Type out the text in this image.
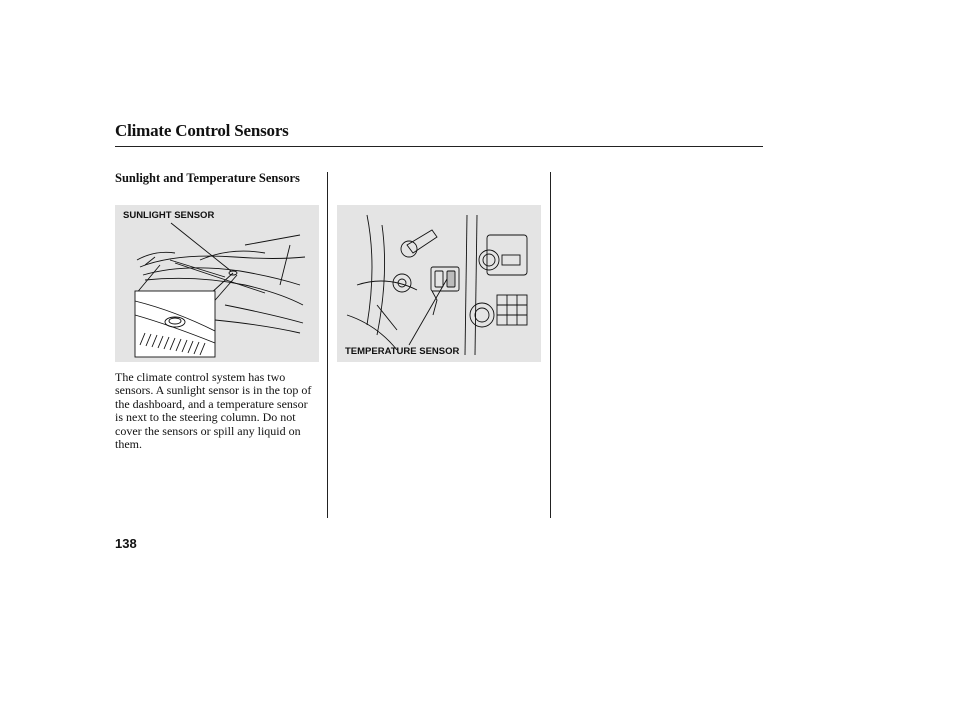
Climate Control Sensors
Sunlight and Temperature Sensors
SUNLIGHT SENSOR
TEMPERATURE SENSOR
The climate control system has two sensors. A sunlight sensor is in the top of the dashboard, and a temperature sensor is next to the steering column. Do not cover the sensors or spill any liquid on them.
138
